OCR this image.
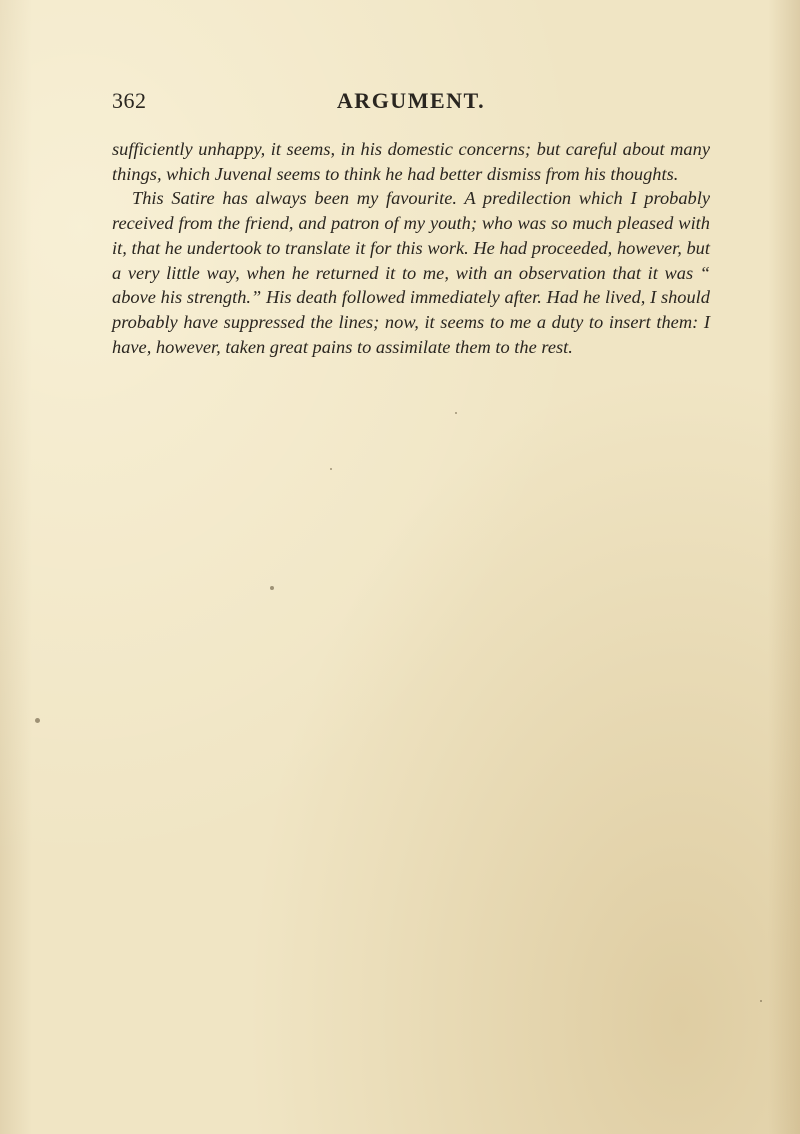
362	ARGUMENT.

sufficiently unhappy, it seems, in his domestic concerns; but careful about many things, which Juvenal seems to think he had better dismiss from his thoughts.

This Satire has always been my favourite. A predilection which I probably received from the friend, and patron of my youth; who was so much pleased with it, that he undertook to translate it for this work. He had proceeded, however, but a very little way, when he returned it to me, with an observation that it was “ above his strength.” His death followed immediately after. Had he lived, I should probably have suppressed the lines; now, it seems to me a duty to insert them: I have, however, taken great pains to assimilate them to the rest.
